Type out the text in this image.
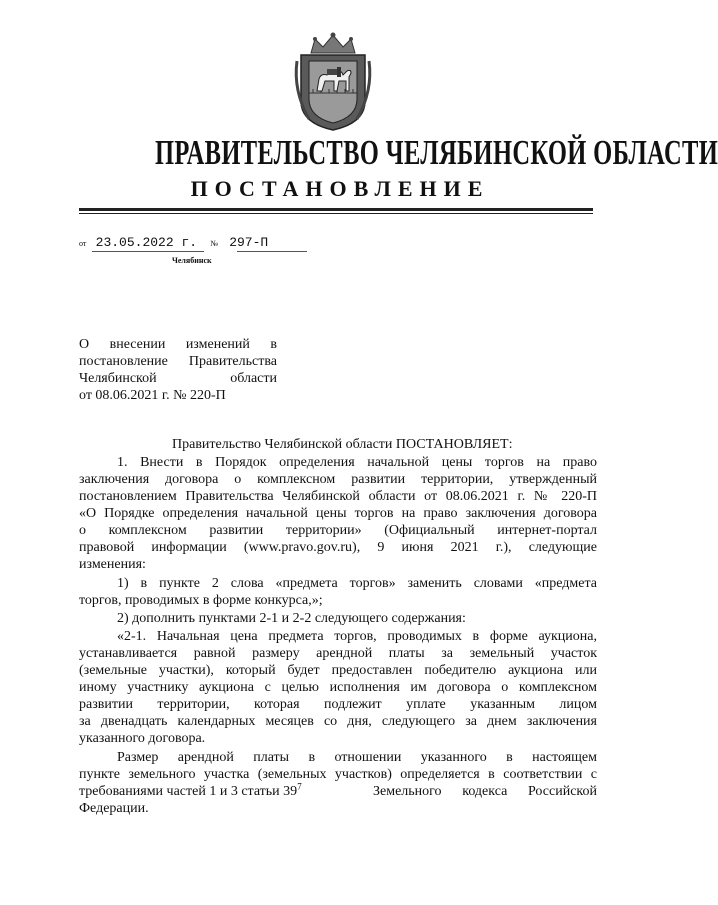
ПРАВИТЕЛЬСТВО ЧЕЛЯБИНСКОЙ ОБЛАСТИ
ПОСТАНОВЛЕНИЕ
от 23.05.2022 г. № 297-П
Челябинск
О внесении изменений в
постановление Правительства
Челябинской области
от 08.06.2021 г. № 220-П
Правительство Челябинской области ПОСТАНОВЛЯЕТ:
1. Внести в Порядок определения начальной цены торгов на право
заключения договора о комплексном развитии территории, утвержденный
постановлением Правительства Челябинской области от 08.06.2021 г. № 220-П
«О Порядке определения начальной цены торгов на право заключения договора
о комплексном развитии территории» (Официальный интернет-портал
правовой информации (www.pravo.gov.ru), 9 июня 2021 г.), следующие
изменения:
1) в пункте 2 слова «предмета торгов» заменить словами «предмета
торгов, проводимых в форме конкурса,»;
2) дополнить пунктами 2-1 и 2-2 следующего содержания:
«2-1. Начальная цена предмета торгов, проводимых в форме аукциона,
устанавливается равной размеру арендной платы за земельный участок
(земельные участки), который будет предоставлен победителю аукциона или
иному участнику аукциона с целью исполнения им договора о комплексном
развитии территории, которая подлежит уплате указанным лицом
за двенадцать календарных месяцев со дня, следующего за днем заключения
указанного договора.
Размер арендной платы в отношении указанного в настоящем
пункте земельного участка (земельных участков) определяется в соответствии с
требованиями частей 1 и 3 статьи $39^7$	Земельного кодекса Российской
Федерации.
